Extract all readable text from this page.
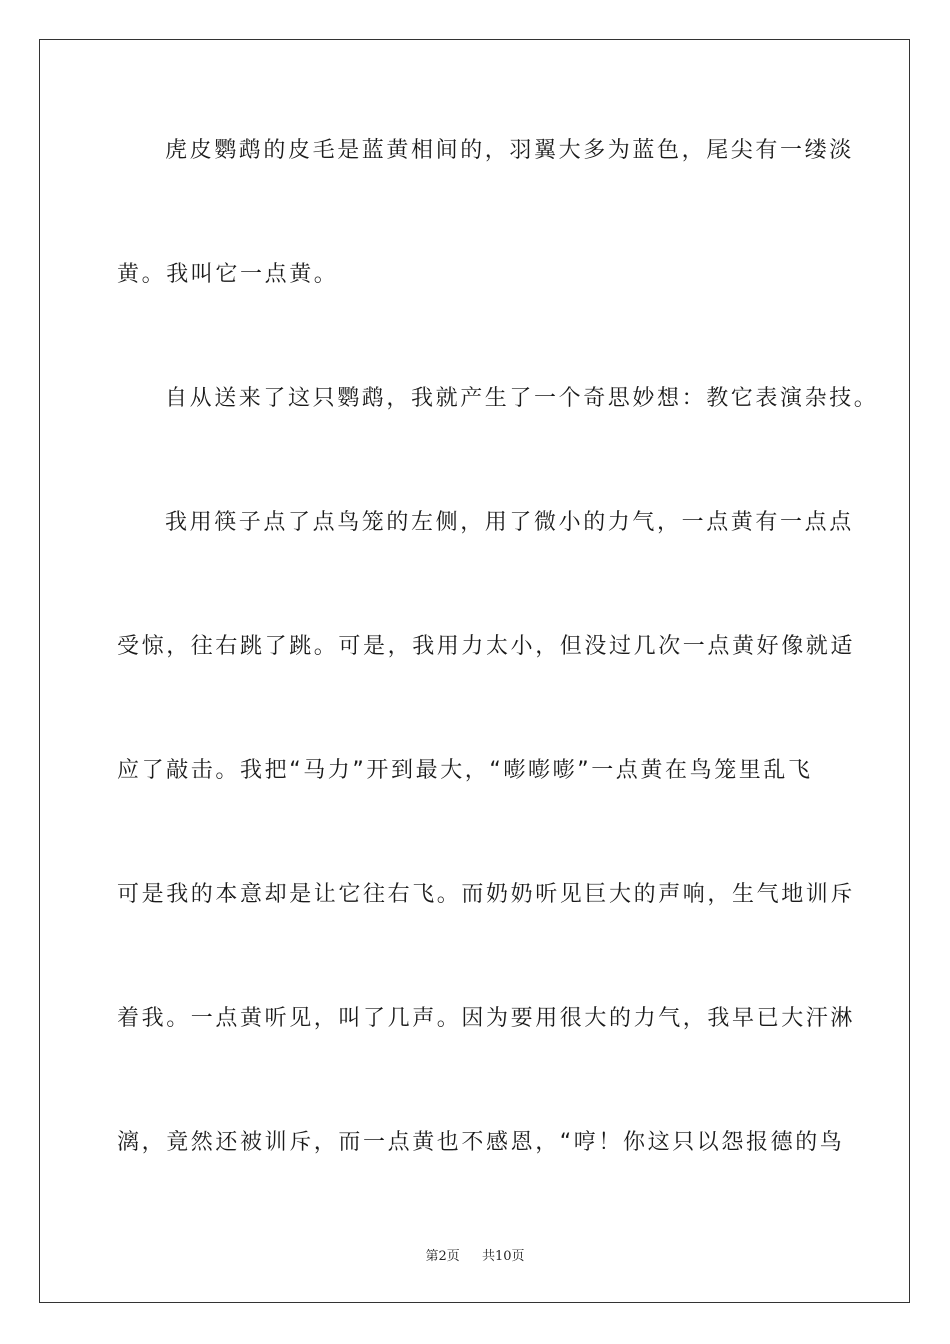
虎皮鹦鹉的皮毛是蓝黄相间的，羽翼大多为蓝色，尾尖有一缕淡
黄。我叫它一点黄。
自从送来了这只鹦鹉，我就产生了一个奇思妙想：教它表演杂技。
我用筷子点了点鸟笼的左侧，用了微小的力气，一点黄有一点点
受惊，往右跳了跳。可是，我用力太小，但没过几次一点黄好像就适
应了敲击。我把“马力”开到最大，“嘭嘭嘭”一点黄在鸟笼里乱飞
可是我的本意却是让它往右飞。而奶奶听见巨大的声响，生气地训斥
着我。一点黄听见，叫了几声。因为要用很大的力气，我早已大汗淋
漓，竟然还被训斥，而一点黄也不感恩，“哼！你这只以怨报德的鸟
第2页 共10页
